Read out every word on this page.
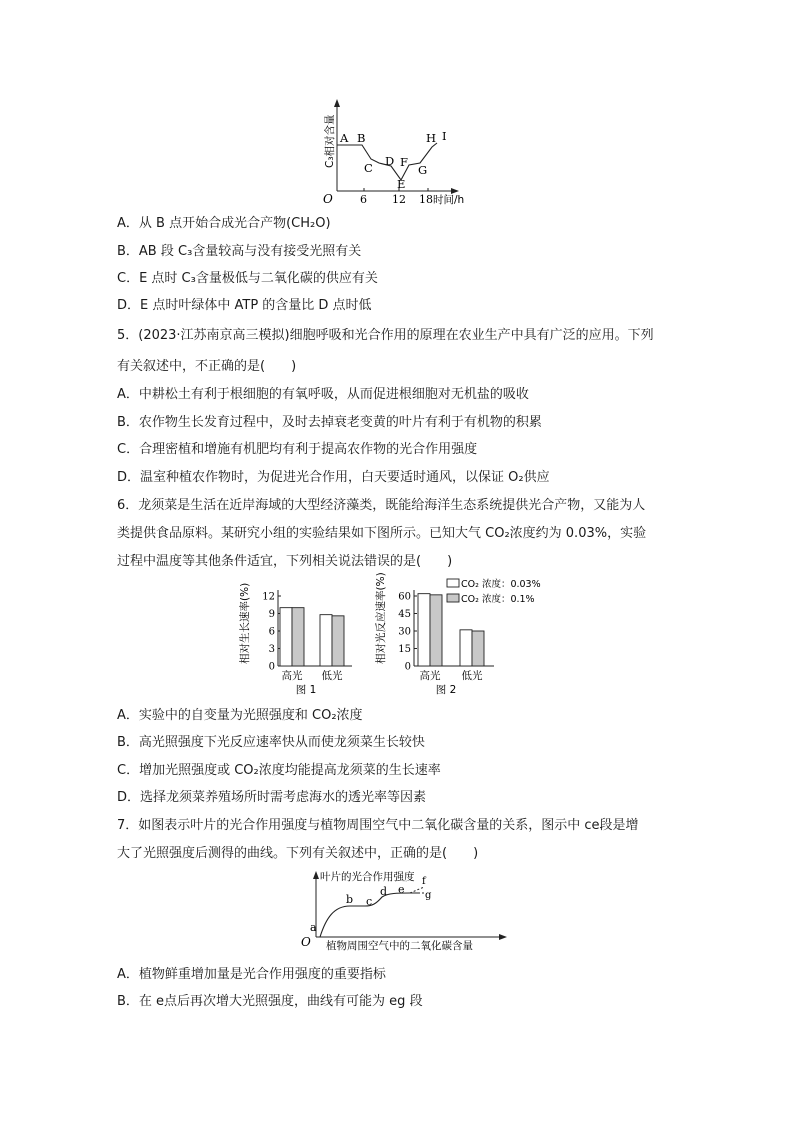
C₃相对含量
O 6 12 18 时间/h
A B
C D
E
F
G
H I
A．从 B 点开始合成光合产物(CH₂O)
B．AB 段 C₃含量较高与没有接受光照有关
C．E 点时 C₃含量极低与二氧化碳的供应有关
D．E 点时叶绿体中 ATP 的含量比 D 点时低
5．(2023·江苏南京高三模拟)细胞呼吸和光合作用的原理在农业生产中具有广泛的应用。下列
有关叙述中，不正确的是(　　)
A．中耕松土有利于根细胞的有氧呼吸，从而促进根细胞对无机盐的吸收
B．农作物生长发育过程中，及时去掉衰老变黄的叶片有利于有机物的积累
C．合理密植和增施有机肥均有利于提高农作物的光合作用强度
D．温室种植农作物时，为促进光合作用，白天要适时通风，以保证 O₂供应
6．龙须菜是生活在近岸海域的大型经济藻类，既能给海洋生态系统提供光合产物，又能为人
类提供食品原料。某研究小组的实验结果如下图所示。已知大气 CO₂浓度约为 0.03%，实验
过程中温度等其他条件适宜，下列相关说法错误的是(　　)
CO₂ 浓度：0.03%
CO₂ 浓度：0.1%
0
3
6
9
12
相对生长速率(%)
高光 低光
图 1
0
15
30
45
60
相对光反应速率(%)
高光 低光
图 2
A．实验中的自变量为光照强度和 CO₂浓度
B．高光照强度下光反应速率快从而使龙须菜生长较快
C．增加光照强度或 CO₂浓度均能提高龙须菜的生长速率
D．选择龙须菜养殖场所时需考虑海水的透光率等因素
7．如图表示叶片的光合作用强度与植物周围空气中二氧化碳含量的关系，图示中 ce段是增
大了光照强度后测得的曲线。下列有关叙述中，正确的是(　　)
叶片的光合作用强度
植物周围空气中的二氧化碳含量
O
a
b c
d e
f
g
A．植物鲜重增加量是光合作用强度的重要指标
B．在 e点后再次增大光照强度，曲线有可能为 eg 段
